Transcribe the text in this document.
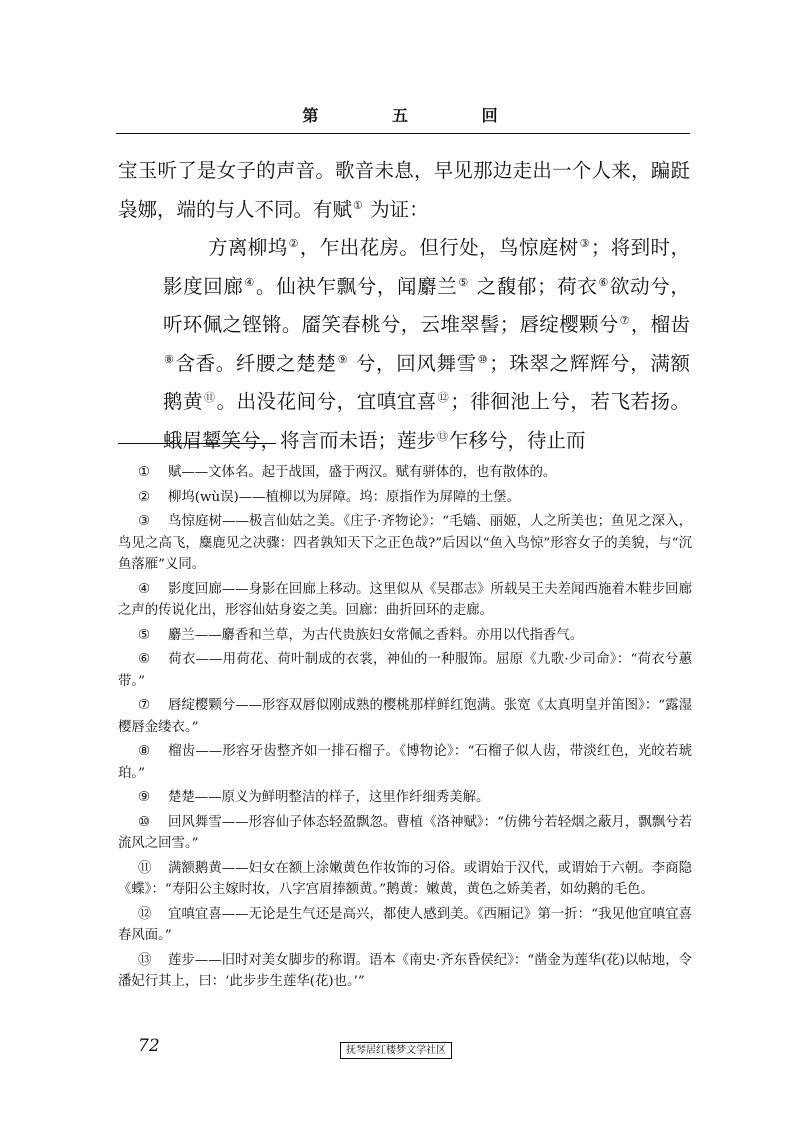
第 五 回

宝玉听了是女子的声音。歌音未息，早见那边走出一个人来，蹁跹袅娜，端的与人不同。有赋① 为证：

方离柳坞②，乍出花房。但行处，鸟惊庭树③；将到时，影度回廊④。仙袂乍飘兮，闻麝兰⑤ 之馥郁；荷衣⑥欲动兮，听环佩之铿锵。靥笑春桃兮，云堆翠髻；唇绽樱颗兮⑦，榴齿⑧含香。纤腰之楚楚⑨ 兮，回风舞雪⑩；珠翠之辉辉兮，满额鹅黄⑪。出没花间兮，宜嗔宜喜⑫；徘徊池上兮，若飞若扬。蛾眉颦笑兮，将言而未语；莲步⑬乍移兮，待止而

① 赋——文体名。起于战国，盛于两汉。赋有骈体的，也有散体的。

② 柳坞(wù误)——植柳以为屏障。坞：原指作为屏障的土堡。

③ 鸟惊庭树——极言仙姑之美。《庄子·齐物论》：“毛嫱、丽姬，人之所美也；鱼见之深入，鸟见之高飞，麋鹿见之决骤：四者孰知天下之正色哉?”后因以“鱼入鸟惊”形容女子的美貌，与“沉鱼落雁”义同。

④ 影度回廊——身影在回廊上移动。这里似从《吴郡志》所载吴王夫差闻西施着木鞋步回廊之声的传说化出，形容仙姑身姿之美。回廊：曲折回环的走廊。

⑤ 麝兰——麝香和兰草，为古代贵族妇女常佩之香料。亦用以代指香气。

⑥ 荷衣——用荷花、荷叶制成的衣裳，神仙的一种服饰。屈原《九歌·少司命》：“荷衣兮蕙带。”

⑦ 唇绽樱颗兮——形容双唇似刚成熟的樱桃那样鲜红饱满。张宽《太真明皇并笛图》：“露湿樱唇金缕衣。”

⑧ 榴齿——形容牙齿整齐如一排石榴子。《博物论》：“石榴子似人齿，带淡红色，光皎若琥珀。”

⑨ 楚楚——原义为鲜明整洁的样子，这里作纤细秀美解。

⑩ 回风舞雪——形容仙子体态轻盈飘忽。曹植《洛神赋》：“仿佛兮若轻烟之蔽月，飘飘兮若流风之回雪。”

⑪ 满额鹅黄——妇女在额上涂嫩黄色作妆饰的习俗。或谓始于汉代，或谓始于六朝。李商隐《蝶》：“寿阳公主嫁时妆，八字宫眉捧额黄。”鹅黄：嫩黄，黄色之娇美者，如幼鹅的毛色。

⑫ 宜嗔宜喜——无论是生气还是高兴，都使人感到美。《西厢记》第一折：“我见他宜嗔宜喜春风面。”

⑬ 莲步——旧时对美女脚步的称谓。语本《南史·齐东昏侯纪》：“凿金为莲华(花)以帖地，令潘妃行其上，曰：‘此步步生莲华(花)也。’”

72	抚琴居红楼梦文学社区
